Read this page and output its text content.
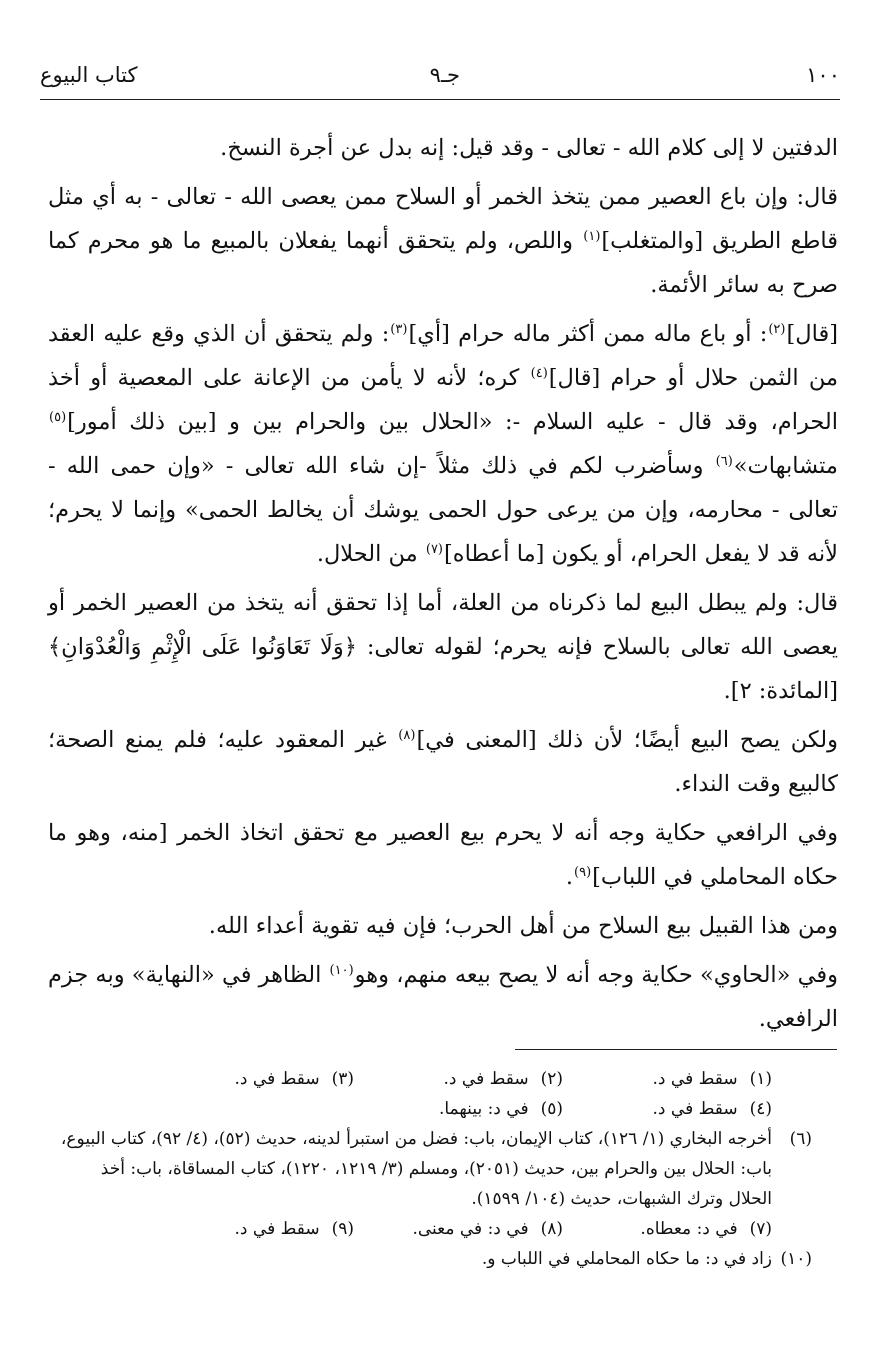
١٠٠
جـ٩
كتاب البيوع

الدفتين لا إلى كلام الله - تعالى - وقد قيل: إنه بدل عن أجرة النسخ.

قال: وإن باع العصير ممن يتخذ الخمر أو السلاح ممن يعصى الله - تعالى - به أي مثل قاطع الطريق [والمتغلب]$^{(١)}$ واللص، ولم يتحقق أنهما يفعلان بالمبيع ما هو محرم كما صرح به سائر الأئمة.

[قال]$^{(٢)}$: أو باع ماله ممن أكثر ماله حرام [أي]$^{(٣)}$: ولم يتحقق أن الذي وقع عليه العقد من الثمن حلال أو حرام [قال]$^{(٤)}$ كره؛ لأنه لا يأمن من الإعانة على المعصية أو أخذ الحرام، وقد قال - عليه السلام -: «الحلال بين والحرام بين و [بين ذلك أمور]$^{(٥)}$ متشابهات»$^{(٦)}$ وسأضرب لكم في ذلك مثلاً -إن شاء الله تعالى - «وإن حمى الله - تعالى - محارمه، وإن من يرعى حول الحمى يوشك أن يخالط الحمى» وإنما لا يحرم؛ لأنه قد لا يفعل الحرام، أو يكون [ما أعطاه]$^{(٧)}$ من الحلال.

قال: ولم يبطل البيع لما ذكرناه من العلة، أما إذا تحقق أنه يتخذ من العصير الخمر أو يعصى الله تعالى بالسلاح فإنه يحرم؛ لقوله تعالى: ﴿وَلَا تَعَاوَنُوا عَلَى الْإِثْمِ وَالْعُدْوَانِ﴾ [المائدة: ٢].

ولكن يصح البيع أيضًا؛ لأن ذلك [المعنى في]$^{(٨)}$ غير المعقود عليه؛ فلم يمنع الصحة؛ كالبيع وقت النداء.

وفي الرافعي حكاية وجه أنه لا يحرم بيع العصير مع تحقق اتخاذ الخمر [منه، وهو ما حكاه المحاملي في اللباب]$^{(٩)}$.

ومن هذا القبيل بيع السلاح من أهل الحرب؛ فإن فيه تقوية أعداء الله.

وفي «الحاوي» حكاية وجه أنه لا يصح بيعه منهم، وهو$^{(١٠)}$ الظاهر في «النهاية» وبه جزم الرافعي.

(١)سقط في د.(٢)سقط في د.(٣)سقط في د.
(٤)سقط في د.(٥)في د: بينهما.
(٦)
أخرجه البخاري (١/ ١٢٦)، كتاب الإيمان، باب: فضل من استبرأ لدينه، حديث (٥٢)، (٤/ ٩٢)، كتاب البيوع، باب: الحلال بين والحرام بين، حديث (٢٠٥١)، ومسلم (٣/ ١٢١٩، ١٢٢٠)، كتاب المساقاة، باب: أخذ الحلال وترك الشبهات، حديث (١٠٤/ ١٥٩٩).
(٧)في د: معطاه.(٨)في د: في معنى.(٩)سقط في د.
(١٠)
زاد في د: ما حكاه المحاملي في اللباب و.
